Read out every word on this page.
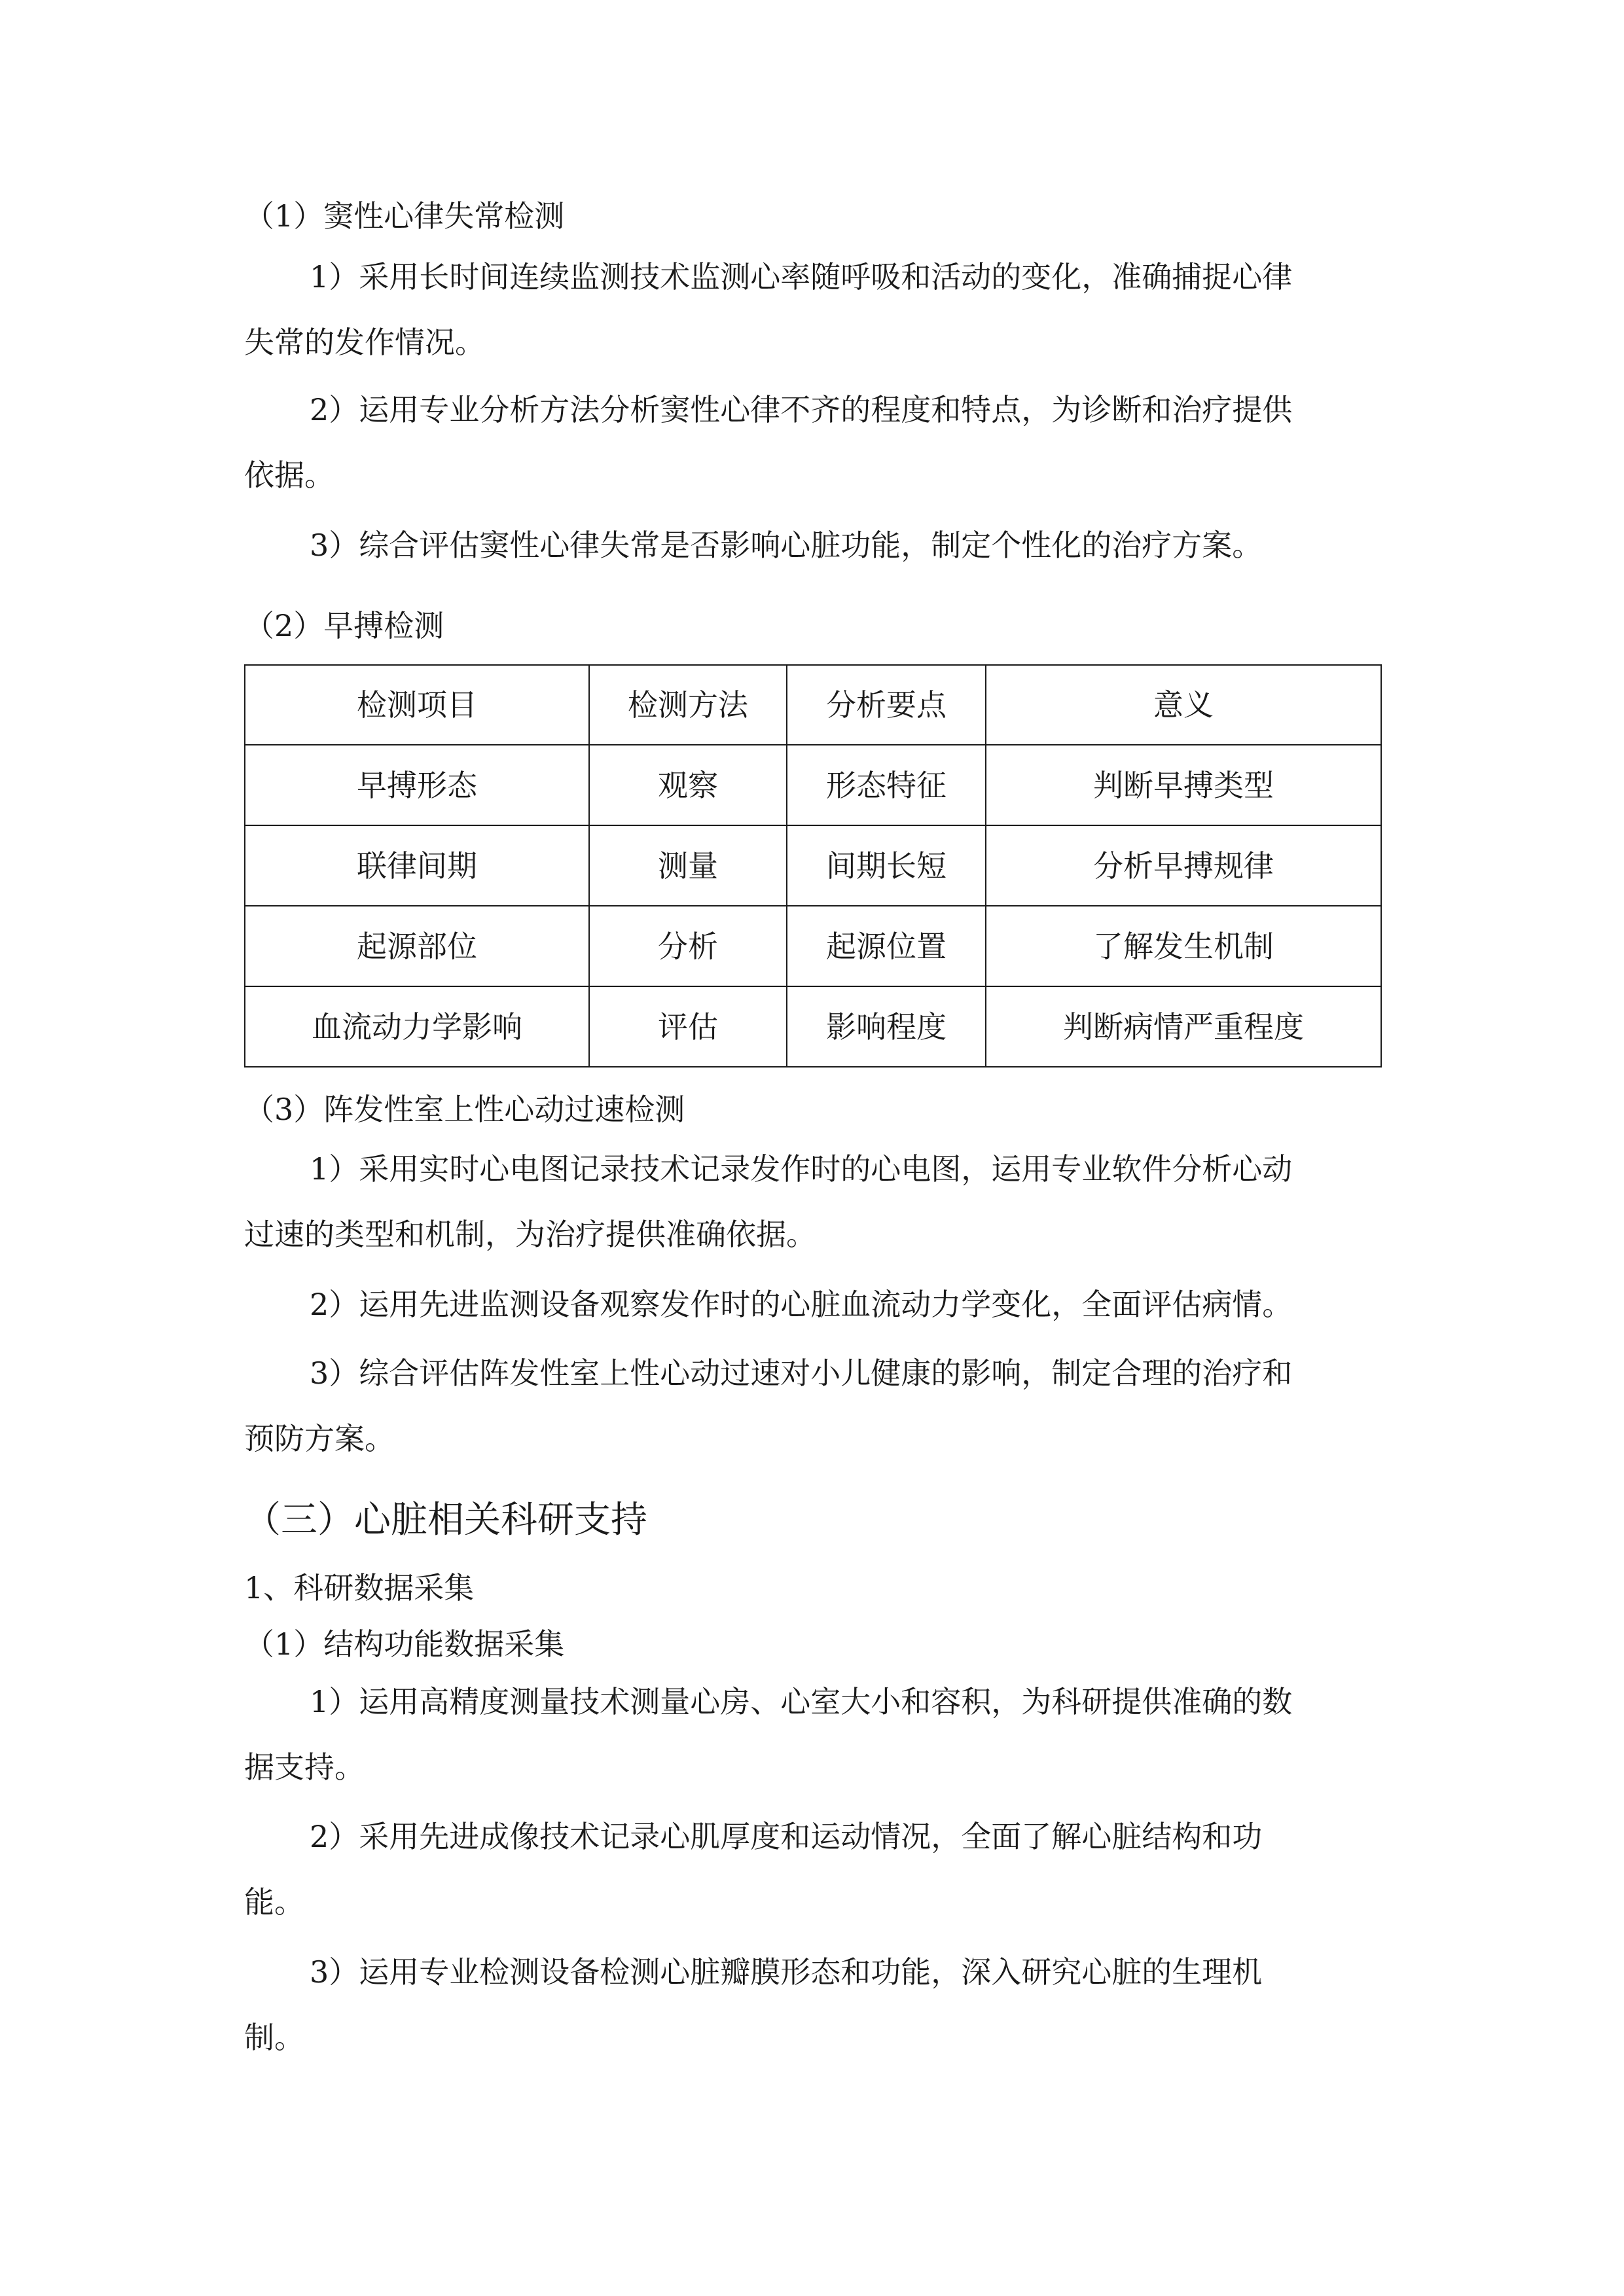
（1）窦性心律失常检测

1）采用长时间连续监测技术监测心率随呼吸和活动的变化，准确捕捉心律

失常的发作情况。

2）运用专业分析方法分析窦性心律不齐的程度和特点，为诊断和治疗提供

依据。

3）综合评估窦性心律失常是否影响心脏功能，制定个性化的治疗方案。

（2）早搏检测

检测项目	检测方法	分析要点	意义
早搏形态	观察	形态特征	判断早搏类型
联律间期	测量	间期长短	分析早搏规律
起源部位	分析	起源位置	了解发生机制
血流动力学影响	评估	影响程度	判断病情严重程度

（3）阵发性室上性心动过速检测

1）采用实时心电图记录技术记录发作时的心电图，运用专业软件分析心动

过速的类型和机制，为治疗提供准确依据。

2）运用先进监测设备观察发作时的心脏血流动力学变化，全面评估病情。

3）综合评估阵发性室上性心动过速对小儿健康的影响，制定合理的治疗和

预防方案。

（三）心脏相关科研支持

1、科研数据采集

（1）结构功能数据采集

1）运用高精度测量技术测量心房、心室大小和容积，为科研提供准确的数

据支持。

2）采用先进成像技术记录心肌厚度和运动情况，全面了解心脏结构和功

能。

3）运用专业检测设备检测心脏瓣膜形态和功能，深入研究心脏的生理机

制。
